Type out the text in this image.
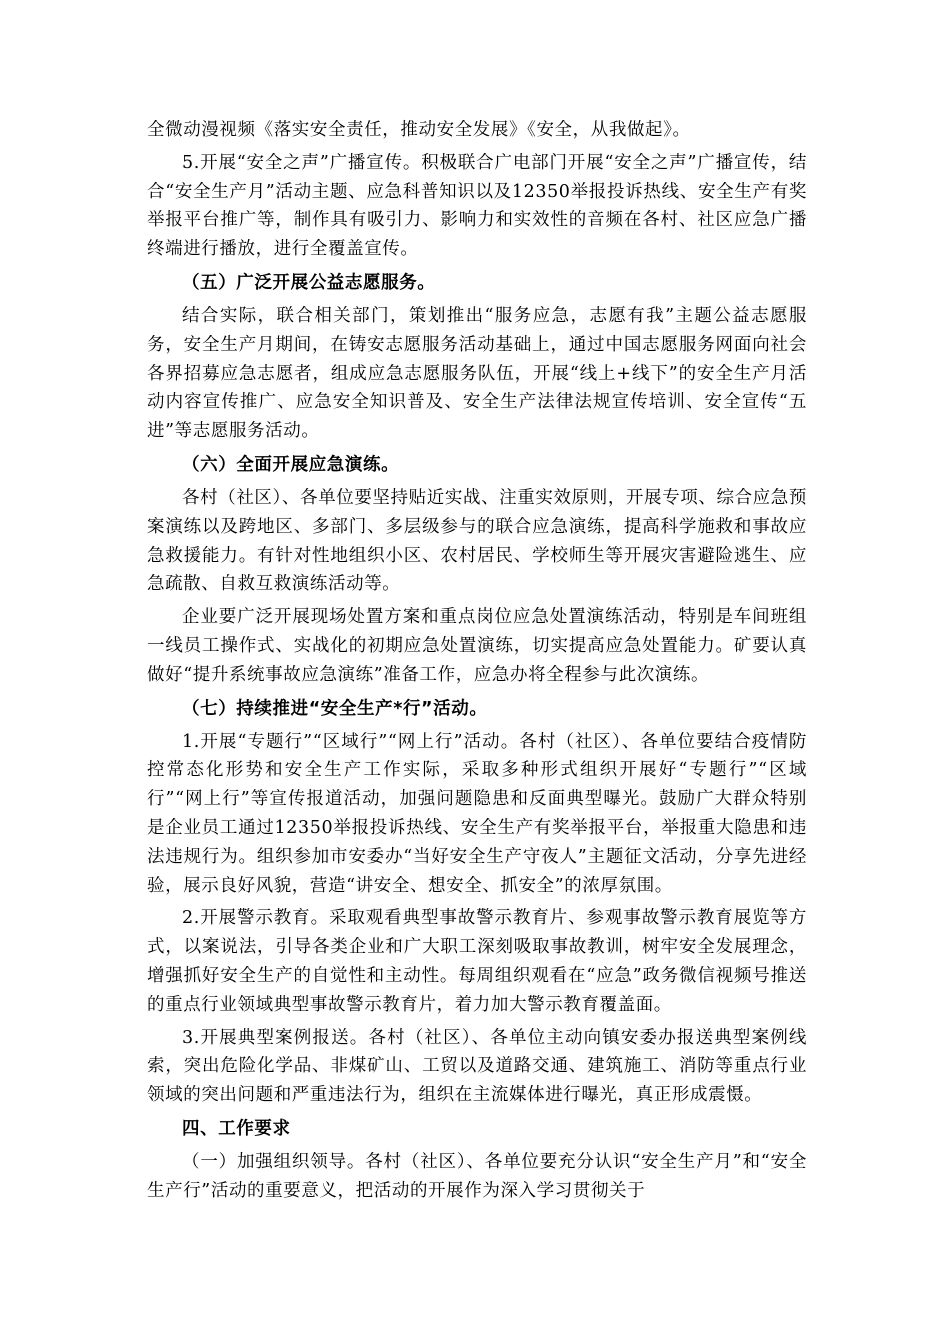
全微动漫视频《落实安全责任，推动安全发展》《安全，从我做起》。

5.开展“安全之声”广播宣传。积极联合广电部门开展“安全之声”广播宣传，结合“安全生产月”活动主题、应急科普知识以及12350举报投诉热线、安全生产有奖举报平台推广等，制作具有吸引力、影响力和实效性的音频在各村、社区应急广播终端进行播放，进行全覆盖宣传。

（五）广泛开展公益志愿服务。

结合实际，联合相关部门，策划推出“服务应急，志愿有我”主题公益志愿服务，安全生产月期间，在铸安志愿服务活动基础上，通过中国志愿服务网面向社会各界招募应急志愿者，组成应急志愿服务队伍，开展“线上+线下”的安全生产月活动内容宣传推广、应急安全知识普及、安全生产法律法规宣传培训、安全宣传“五进”等志愿服务活动。

（六）全面开展应急演练。

各村（社区）、各单位要坚持贴近实战、注重实效原则，开展专项、综合应急预案演练以及跨地区、多部门、多层级参与的联合应急演练，提高科学施救和事故应急救援能力。有针对性地组织小区、农村居民、学校师生等开展灾害避险逃生、应急疏散、自救互救演练活动等。

企业要广泛开展现场处置方案和重点岗位应急处置演练活动，特别是车间班组一线员工操作式、实战化的初期应急处置演练，切实提高应急处置能力。矿要认真做好“提升系统事故应急演练”准备工作，应急办将全程参与此次演练。

（七）持续推进“安全生产*行”活动。

1.开展“专题行”“区域行”“网上行”活动。各村（社区）、各单位要结合疫情防控常态化形势和安全生产工作实际，采取多种形式组织开展好“专题行”“区域行”“网上行”等宣传报道活动，加强问题隐患和反面典型曝光。鼓励广大群众特别是企业员工通过12350举报投诉热线、安全生产有奖举报平台，举报重大隐患和违法违规行为。组织参加市安委办“当好安全生产守夜人”主题征文活动，分享先进经验，展示良好风貌，营造“讲安全、想安全、抓安全”的浓厚氛围。

2.开展警示教育。采取观看典型事故警示教育片、参观事故警示教育展览等方式，以案说法，引导各类企业和广大职工深刻吸取事故教训，树牢安全发展理念，增强抓好安全生产的自觉性和主动性。每周组织观看在“应急”政务微信视频号推送的重点行业领域典型事故警示教育片，着力加大警示教育覆盖面。

3.开展典型案例报送。各村（社区）、各单位主动向镇安委办报送典型案例线索，突出危险化学品、非煤矿山、工贸以及道路交通、建筑施工、消防等重点行业领域的突出问题和严重违法行为，组织在主流媒体进行曝光，真正形成震慑。

四、工作要求

（一）加强组织领导。各村（社区）、各单位要充分认识“安全生产月”和“安全生产行”活动的重要意义，把活动的开展作为深入学习贯彻关于
